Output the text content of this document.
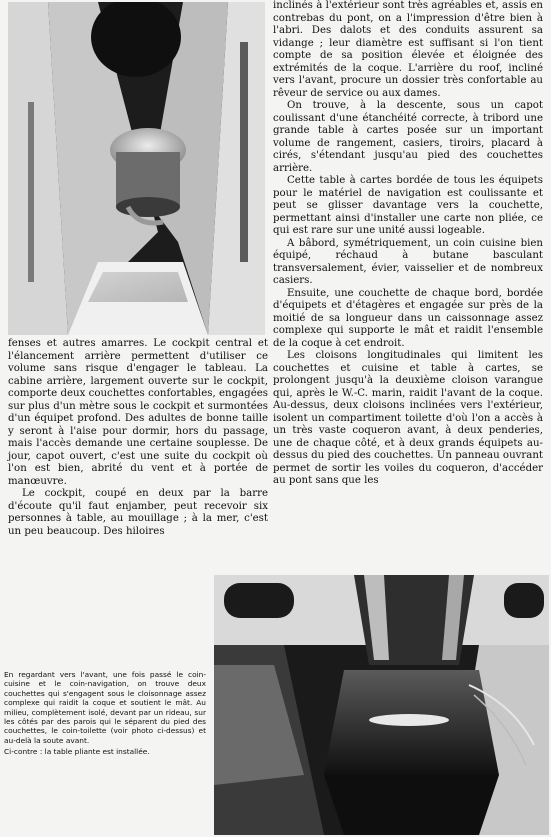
inclinés à l'extérieur sont très agréables et, assis en contrebas du pont, on a l'impression d'être bien à l'abri. Des dalots et des conduits assurent sa vidange ; leur diamètre est suffisant si l'on tient compte de sa position élevée et éloignée des extrémités de la coque. L'arrière du roof, incliné vers l'avant, procure un dossier très confortable au rêveur de service ou aux dames.

On trouve, à la descente, sous un capot coulissant d'une étanchéité correcte, à tribord une grande table à cartes posée sur un important volume de rangement, casiers, tiroirs, placard à cirés, s'étendant jusqu'au pied des couchettes arrière.

Cette table à cartes bordée de tous les équipets pour le matériel de navigation est coulissante et peut se glisser davantage vers la couchette, permettant ainsi d'installer une carte non pliée, ce qui est rare sur une unité aussi logeable.

A bâbord, symétriquement, un coin cuisine bien équipé, réchaud à butane basculant transversalement, évier, vaisselier et de nombreux casiers.

Ensuite, une couchette de chaque bord, bordée d'équipets et d'étagères et engagée sur près de la moitié de sa longueur dans un caissonnage assez complexe qui supporte le mât et raidit l'ensemble de la coque à cet endroit.

Les cloisons longitudinales qui limitent les couchettes et cuisine et table à cartes, se prolongent jusqu'à la deuxième cloison varangue qui, après le W.-C. marin, raidit l'avant de la coque. Au-dessus, deux cloisons inclinées vers l'extérieur, isolent un compartiment toilette d'où l'on a accès à un très vaste coqueron avant, à deux penderies, une de chaque côté, et à deux grands équipets au-dessus du pied des couchettes. Un panneau ouvrant permet de sortir les voiles du coqueron, d'accéder au pont sans que les

fenses et autres amarres. Le cockpit central et l'élancement arrière permettent d'utiliser ce volume sans risque d'engager le tableau. La cabine arrière, largement ouverte sur le cockpit, comporte deux couchettes confortables, engagées sur plus d'un mètre sous le cockpit et surmontées d'un équipet profond. Des adultes de bonne taille y seront à l'aise pour dormir, hors du passage, mais l'accès demande une certaine souplesse. De jour, capot ouvert, c'est une suite du cockpit où l'on est bien, abrité du vent et à portée de manœuvre.

Le cockpit, coupé en deux par la barre d'écoute qu'il faut enjamber, peut recevoir six personnes à table, au mouillage ; à la mer, c'est un peu beaucoup. Des hiloires

En regardant vers l'avant, une fois passé le coin-cuisine et le coin-navigation, on trouve deux couchettes qui s'engagent sous le cloisonnage assez complexe qui raidit la coque et soutient le mât. Au milieu, complètement isolé, devant par un rideau, sur les côtés par des parois qui le séparent du pied des couchettes, le coin-toilette (voir photo ci-dessus) et au-delà la soute avant.

Ci-contre : la table pliante est installée.
